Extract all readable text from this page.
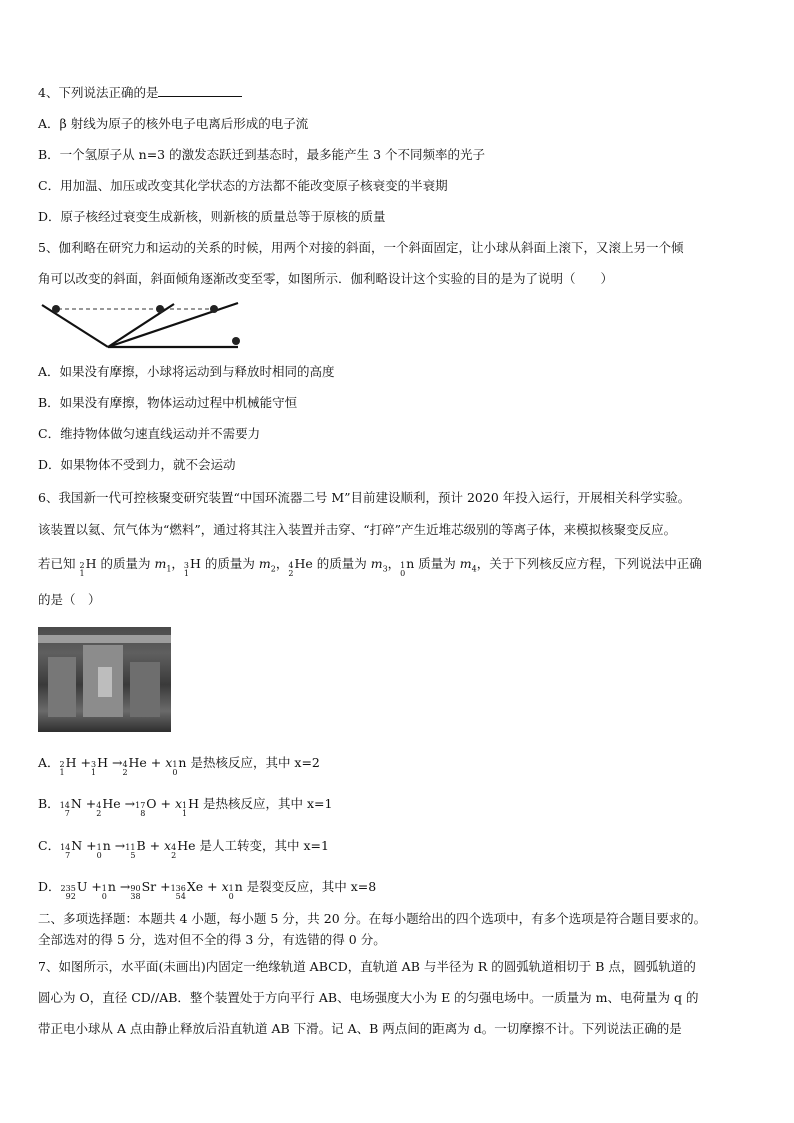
4、下列说法正确的是
A．β 射线为原子的核外电子电离后形成的电子流
B．一个氢原子从 n=3 的激发态跃迁到基态时，最多能产生 3 个不同频率的光子
C．用加温、加压或改变其化学状态的方法都不能改变原子核衰变的半衰期
D．原子核经过衰变生成新核，则新核的质量总等于原核的质量
5、伽利略在研究力和运动的关系的时候，用两个对接的斜面，一个斜面固定，让小球从斜面上滚下，又滚上另一个倾
角可以改变的斜面，斜面倾角逐渐改变至零，如图所示．伽利略设计这个实验的目的是为了说明（　　）
A．如果没有摩擦，小球将运动到与释放时相同的高度
B．如果没有摩擦，物体运动过程中机械能守恒
C．维持物体做匀速直线运动并不需要力
D．如果物体不受到力，就不会运动
6、我国新一代可控核聚变研究装置“中国环流器二号 M”目前建设顺利，预计 2020 年投入运行，开展相关科学实验。
该装置以氦、氘气体为“燃料”，通过将其注入装置并击穿、“打碎”产生近堆芯级别的等离子体，来模拟核聚变反应。
若已知 2
1
H 的质量为 $m_1$， 3
1
H 的质量为 $m_2$， 4
2
He 的质量为 $m_3$， 1
0
n 质量为 $m_4$，关于下列核反应方程，下列说法中正确
的是（　）
A． 2
1
H + 3
1
H → 4
2
He + x 1
0
n 是热核反应，其中 x=2
B． 14
7
N + 4
2
He → 17
8
O + x 1
1
H 是热核反应，其中 x=1
C． 14
7
N + 1
0
n → 11
5
B + x 4
2
He 是人工转变，其中 x=1
D． 235
92
U + 1
0
n → 90
38
Sr + 136
54
Xe + x 1
0
n 是裂变反应，其中 x=8
二、多项选择题：本题共 4 小题，每小题 5 分，共 20 分。在每小题给出的四个选项中，有多个选项是符合题目要求的。
全部选对的得 5 分，选对但不全的得 3 分，有选错的得 0 分。
7、如图所示，水平面(未画出)内固定一绝缘轨道 ABCD，直轨道 AB 与半径为 R 的圆弧轨道相切于 B 点，圆弧轨道的
圆心为 O，直径 CD//AB．整个装置处于方向平行 AB、电场强度大小为 E 的匀强电场中。一质量为 m、电荷量为 q 的
带正电小球从 A 点由静止释放后沿直轨道 AB 下滑。记 A、B 两点间的距离为 d。一切摩擦不计。下列说法正确的是
